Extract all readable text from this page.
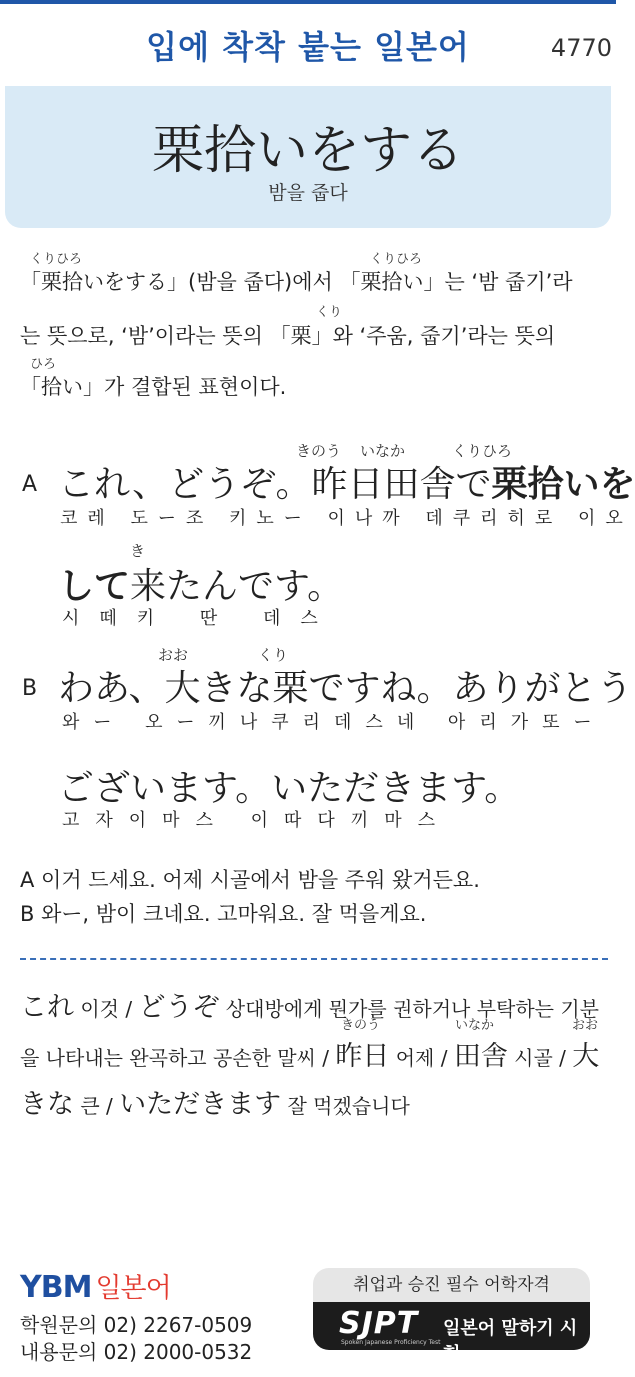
입에 착착 붙는 일본어	4770
栗拾いをする
밤을 줍다
くりひろ	くりひろ
「栗拾いをする」(밤을 줍다)에서 「栗拾い」는 ‘밤 줍기’라
くり
는 뜻으로, ‘밤’이라는 뜻의 「栗」와 ‘주움, 줍기’라는 뜻의
ひろ
「拾い」가 결합된 표현이다.
きのう いなか	くりひろ
A これ、どうぞ。昨日田舎で栗拾いを
코레 도ー조 키노ー 이나까 데쿠리히로 이오
き
して来たんです。
시떼키 딴 데스
おお	くり
B わあ、大きな栗ですね。ありがとう
와ー 오ー끼나쿠리데스네 아리가또ー
ございます。いただきます。
고자이마스 이따다끼마스
A 이거 드세요. 어제 시골에서 밤을 주워 왔거든요.
B 와ー, 밤이 크네요. 고마워요. 잘 먹을게요.
これ 이것 / どうぞ 상대방에게 뭔가를 권하거나 부탁하는 기분
きのう	いなか	おお
을 나타내는 완곡하고 공손한 말씨 / 昨日 어제 / 田舎 시골 / 大
きな 큰 / いただきます 잘 먹겠습니다
YBM 일본어
학원문의 02) 2267-0509
내용문의 02) 2000-0532
취업과 승진 필수 어학자격
SJPT
Spoken Japanese Proficiency Test
일본어 말하기 시험
